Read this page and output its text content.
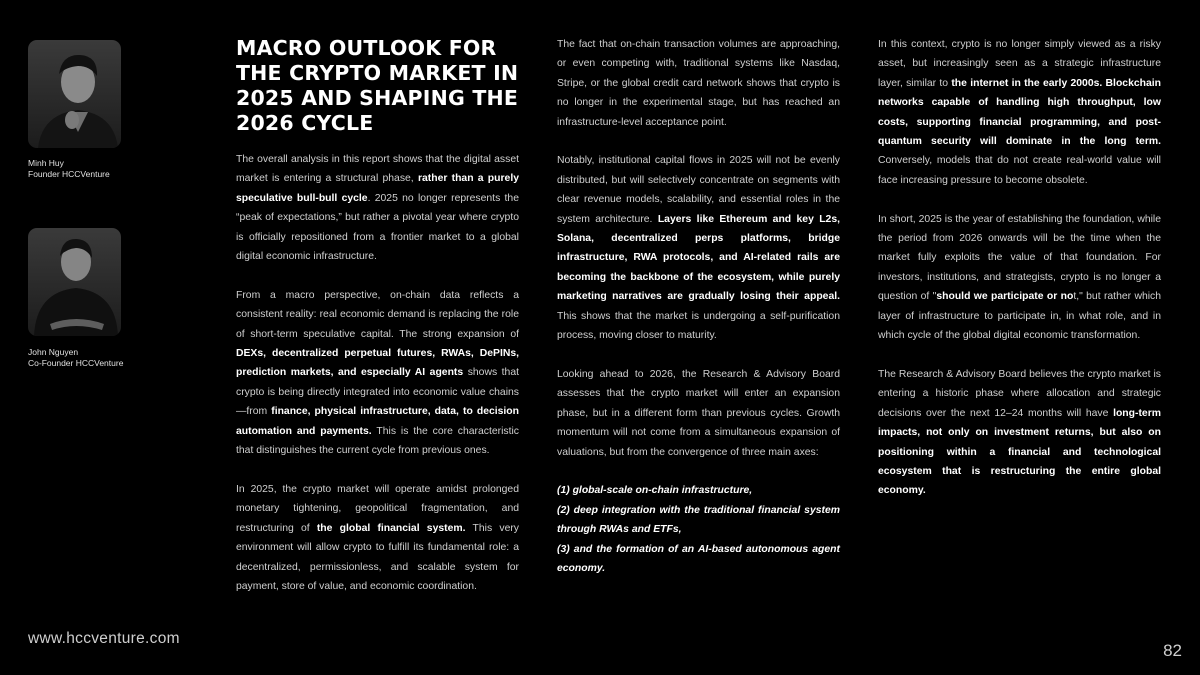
Minh Huy
Founder HCCVenture
John Nguyen
Co-Founder HCCVenture
MACRO OUTLOOK FOR THE CRYPTO MARKET IN 2025 AND SHAPING THE 2026 CYCLE

The overall analysis in this report shows that the digital asset market is entering a structural phase, rather than a purely speculative bull-bull cycle. 2025 no longer represents the “peak of expectations,” but rather a pivotal year where crypto is officially repositioned from a frontier market to a global digital economic infrastructure.

From a macro perspective, on-chain data reflects a consistent reality: real economic demand is replacing the role of short-term speculative capital. The strong expansion of DEXs, decentralized perpetual futures, RWAs, DePINs, prediction markets, and especially AI agents shows that crypto is being directly integrated into economic value chains—from finance, physical infrastructure, data, to decision automation and payments. This is the core characteristic that distinguishes the current cycle from previous ones.

In 2025, the crypto market will operate amidst prolonged monetary tightening, geopolitical fragmentation, and restructuring of the global financial system. This very environment will allow crypto to fulfill its fundamental role: a decentralized, permissionless, and scalable system for payment, store of value, and economic coordination.

The fact that on-chain transaction volumes are approaching, or even competing with, traditional systems like Nasdaq, Stripe, or the global credit card network shows that crypto is no longer in the experimental stage, but has reached an infrastructure-level acceptance point.

Notably, institutional capital flows in 2025 will not be evenly distributed, but will selectively concentrate on segments with clear revenue models, scalability, and essential roles in the system architecture. Layers like Ethereum and key L2s, Solana, decentralized perps platforms, bridge infrastructure, RWA protocols, and AI-related rails are becoming the backbone of the ecosystem, while purely marketing narratives are gradually losing their appeal. This shows that the market is undergoing a self-purification process, moving closer to maturity.

Looking ahead to 2026, the Research & Advisory Board assesses that the crypto market will enter an expansion phase, but in a different form than previous cycles. Growth momentum will not come from a simultaneous expansion of valuations, but from the convergence of three main axes:

(1) global-scale on-chain infrastructure,
(2) deep integration with the traditional financial system through RWAs and ETFs,
(3) and the formation of an AI-based autonomous agent economy.

In this context, crypto is no longer simply viewed as a risky asset, but increasingly seen as a strategic infrastructure layer, similar to the internet in the early 2000s. Blockchain networks capable of handling high throughput, low costs, supporting financial programming, and post-quantum security will dominate in the long term. Conversely, models that do not create real-world value will face increasing pressure to become obsolete.

In short, 2025 is the year of establishing the foundation, while the period from 2026 onwards will be the time when the market fully exploits the value of that foundation. For investors, institutions, and strategists, crypto is no longer a question of "should we participate or not," but rather which layer of infrastructure to participate in, in what role, and in which cycle of the global digital economic transformation.

The Research & Advisory Board believes the crypto market is entering a historic phase where allocation and strategic decisions over the next 12–24 months will have long-term impacts, not only on investment returns, but also on positioning within a financial and technological ecosystem that is restructuring the entire global economy.

www.hccventure.com
82
